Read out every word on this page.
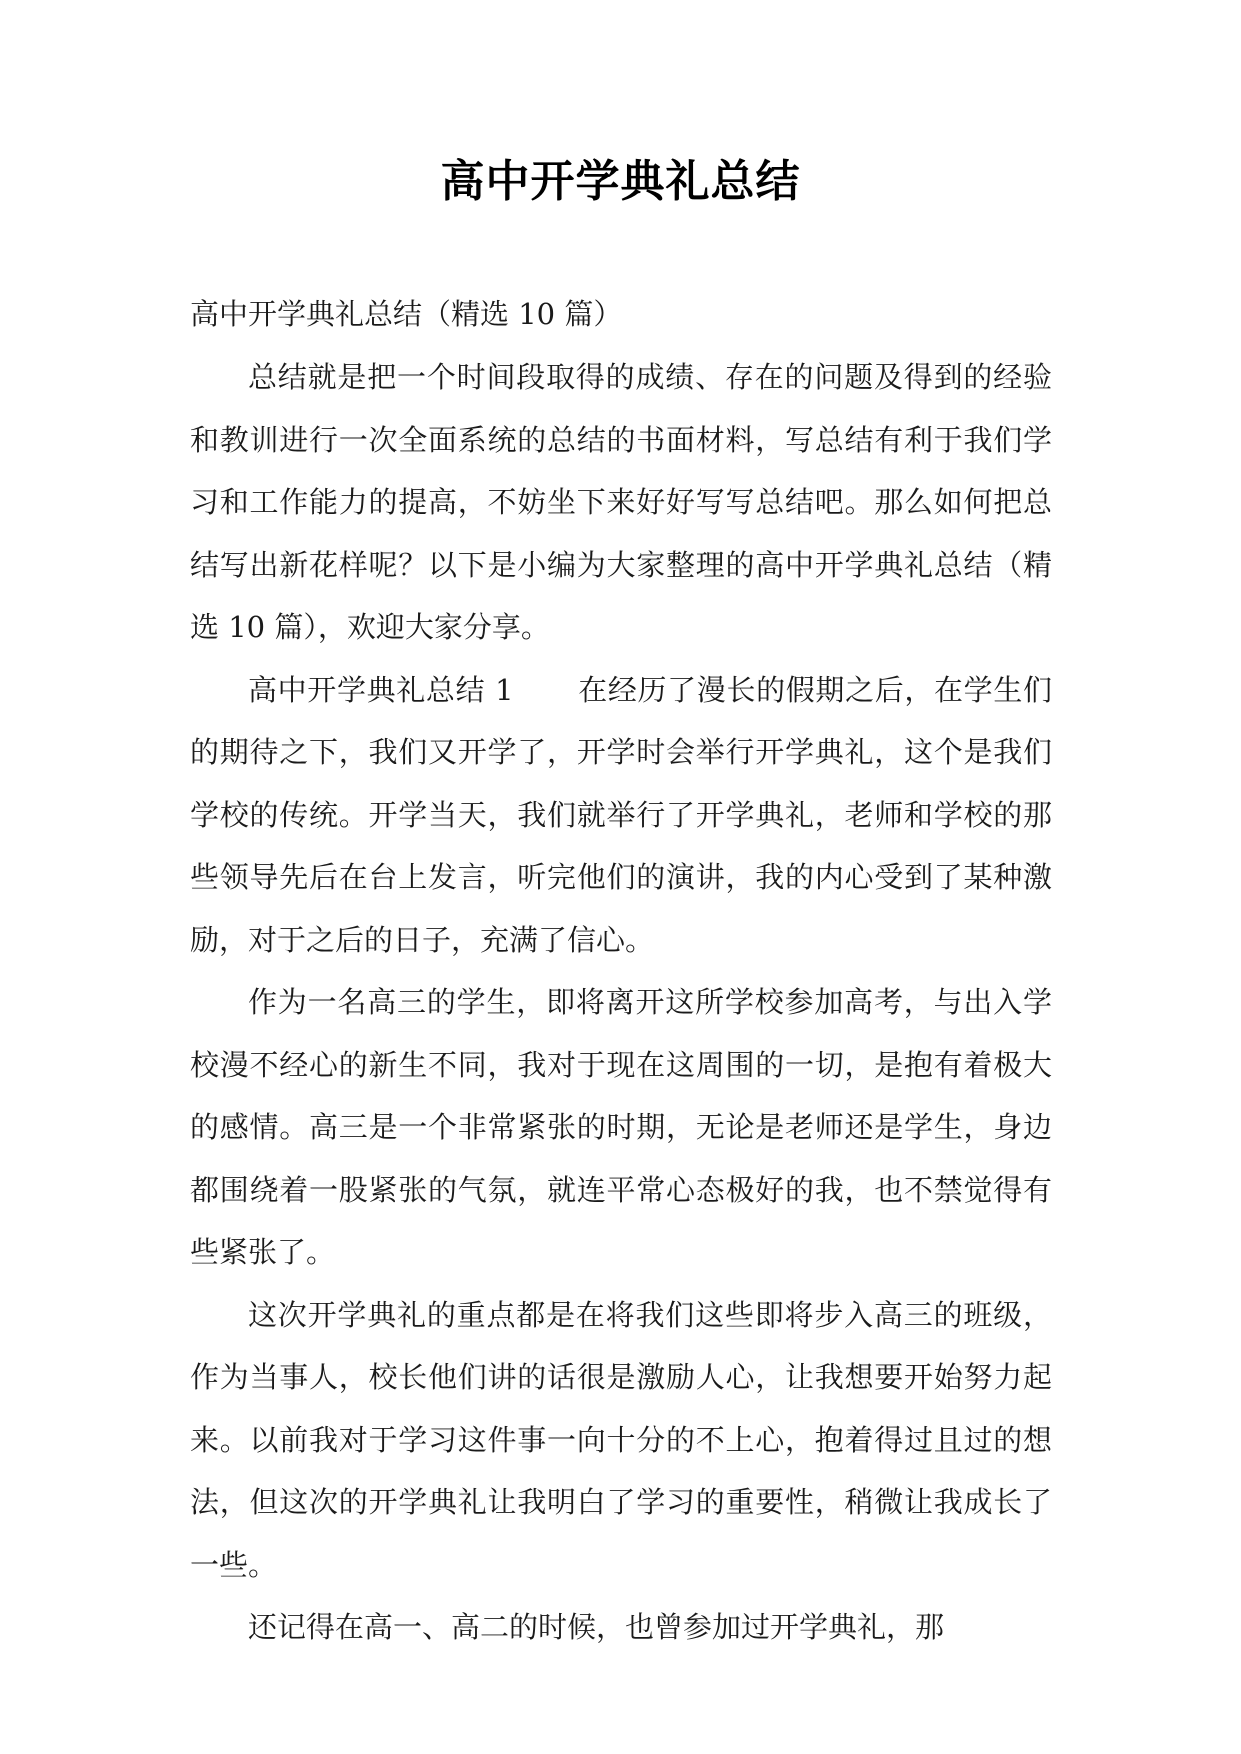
高中开学典礼总结
高中开学典礼总结（精选 10 篇）

总结就是把一个时间段取得的成绩、存在的问题及得到的经验和教训进行一次全面系统的总结的书面材料，写总结有利于我们学习和工作能力的提高，不妨坐下来好好写写总结吧。那么如何把总结写出新花样呢？以下是小编为大家整理的高中开学典礼总结（精选 10 篇），欢迎大家分享。

高中开学典礼总结 1 在经历了漫长的假期之后，在学生们的期待之下，我们又开学了，开学时会举行开学典礼，这个是我们学校的传统。开学当天，我们就举行了开学典礼，老师和学校的那些领导先后在台上发言，听完他们的演讲，我的内心受到了某种激励，对于之后的日子，充满了信心。

作为一名高三的学生，即将离开这所学校参加高考，与出入学校漫不经心的新生不同，我对于现在这周围的一切，是抱有着极大的感情。高三是一个非常紧张的时期，无论是老师还是学生，身边都围绕着一股紧张的气氛，就连平常心态极好的我，也不禁觉得有些紧张了。

这次开学典礼的重点都是在将我们这些即将步入高三的班级，作为当事人，校长他们讲的话很是激励人心，让我想要开始努力起来。以前我对于学习这件事一向十分的不上心，抱着得过且过的想法，但这次的开学典礼让我明白了学习的重要性，稍微让我成长了一些。

还记得在高一、高二的时候，也曾参加过开学典礼，那
